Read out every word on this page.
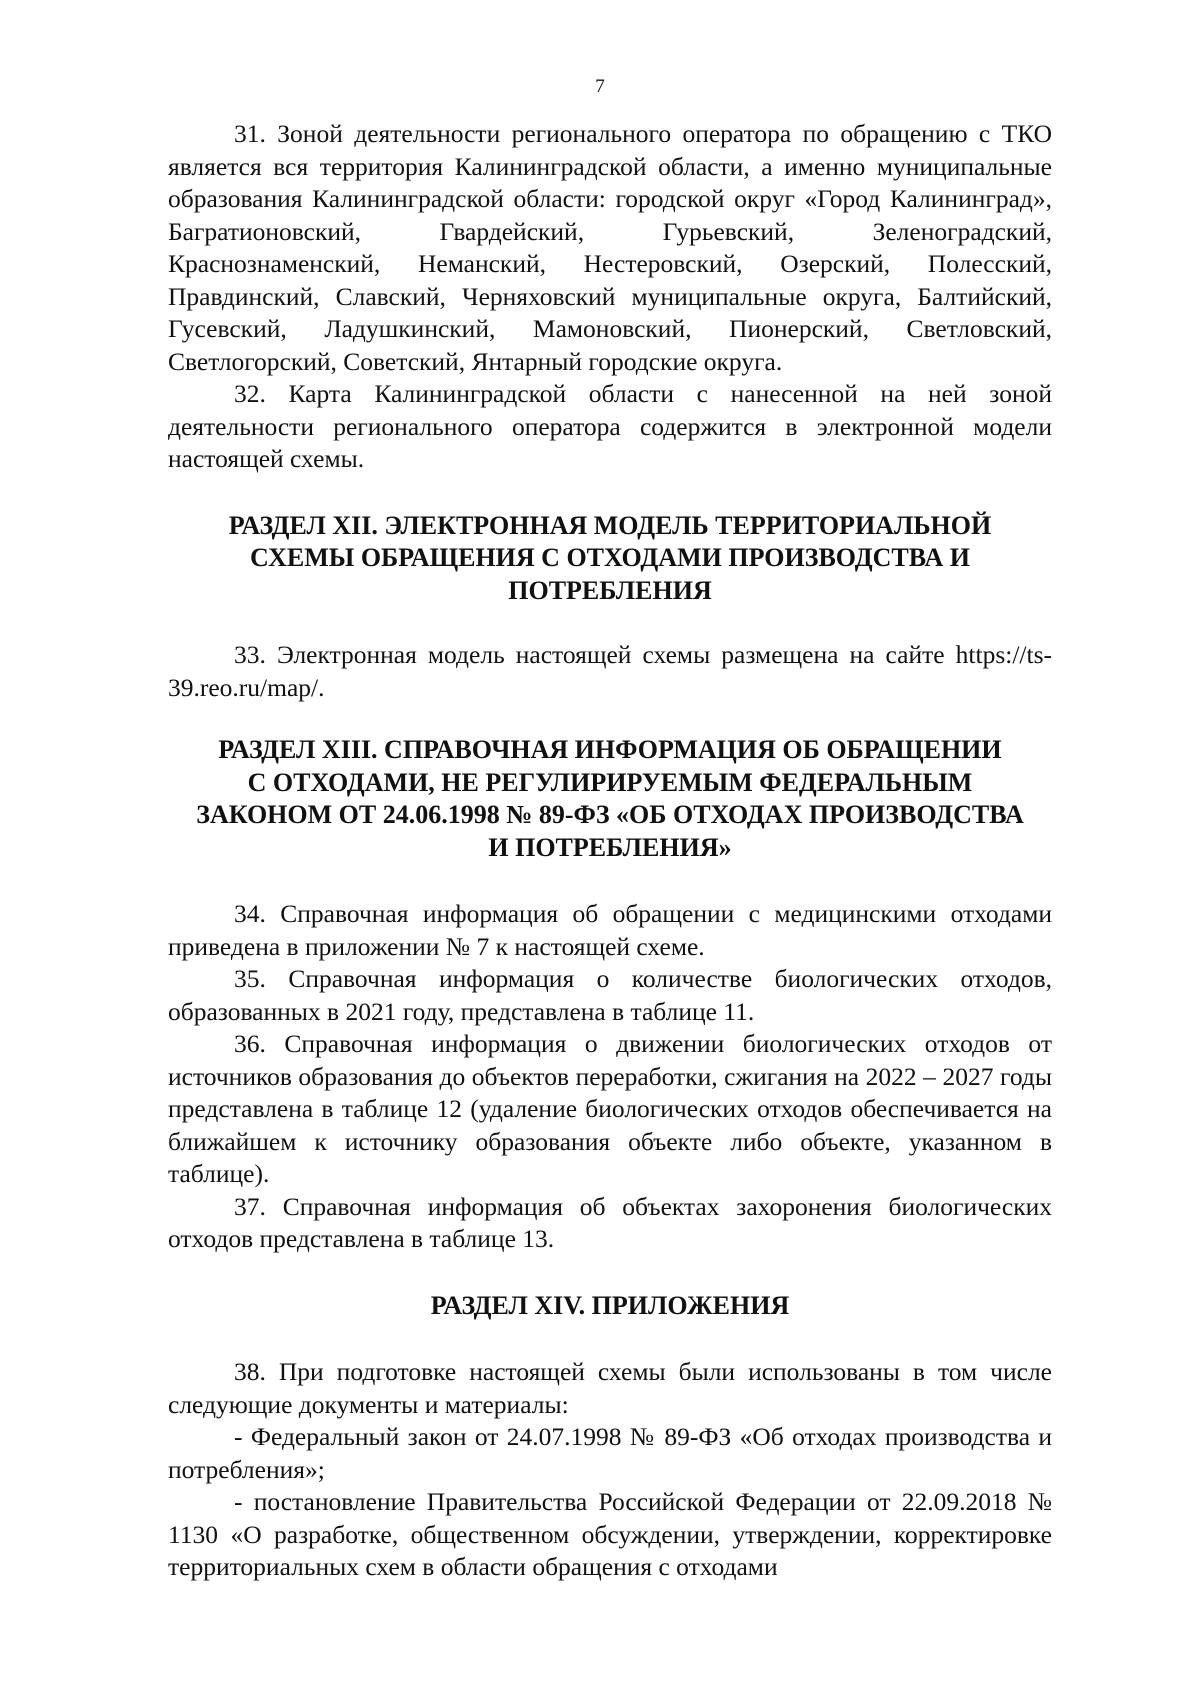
7

31. Зоной деятельности регионального оператора по обращению с ТКО является вся территория Калининградской области, а именно муниципальные образования Калининградской области: городской округ «Город Калининград», Багратионовский, Гвардейский, Гурьевский, Зеленоградский, Краснознаменский, Неманский, Нестеровский, Озерский, Полесский, Правдинский, Славский, Черняховский муниципальные округа, Балтийский, Гусевский, Ладушкинский, Мамоновский, Пионерский, Светловский, Светлогорский, Советский, Янтарный городские округа.

32. Карта Калининградской области с нанесенной на ней зоной деятельности регионального оператора содержится в электронной модели настоящей схемы.

РАЗДЕЛ XII. ЭЛЕКТРОННАЯ МОДЕЛЬ ТЕРРИТОРИАЛЬНОЙ
СХЕМЫ ОБРАЩЕНИЯ С ОТХОДАМИ ПРОИЗВОДСТВА И
ПОТРЕБЛЕНИЯ

33. Электронная модель настоящей схемы размещена на сайте https://ts-39.reo.ru/map/.

РАЗДЕЛ XIII. СПРАВОЧНАЯ ИНФОРМАЦИЯ ОБ ОБРАЩЕНИИ
С ОТХОДАМИ, НЕ РЕГУЛИРИРУЕМЫМ ФЕДЕРАЛЬНЫМ
ЗАКОНОМ ОТ 24.06.1998 № 89-ФЗ «ОБ ОТХОДАХ ПРОИЗВОДСТВА
И ПОТРЕБЛЕНИЯ»

34. Справочная информация об обращении с медицинскими отходами приведена в приложении № 7 к настоящей схеме.

35. Справочная информация о количестве биологических отходов, образованных в 2021 году, представлена в таблице 11.

36. Справочная информация о движении биологических отходов от источников образования до объектов переработки, сжигания на 2022 – 2027 годы представлена в таблице 12 (удаление биологических отходов обеспечивается на ближайшем к источнику образования объекте либо объекте, указанном в таблице).

37. Справочная информация об объектах захоронения биологических отходов представлена в таблице 13.

РАЗДЕЛ XIV. ПРИЛОЖЕНИЯ

38. При подготовке настоящей схемы были использованы в том числе следующие документы и материалы:

- Федеральный закон от 24.07.1998 № 89-ФЗ «Об отходах производства и потребления»;

- постановление Правительства Российской Федерации от 22.09.2018 № 1130 «О разработке, общественном обсуждении, утверждении, корректировке территориальных схем в области обращения с отходами
